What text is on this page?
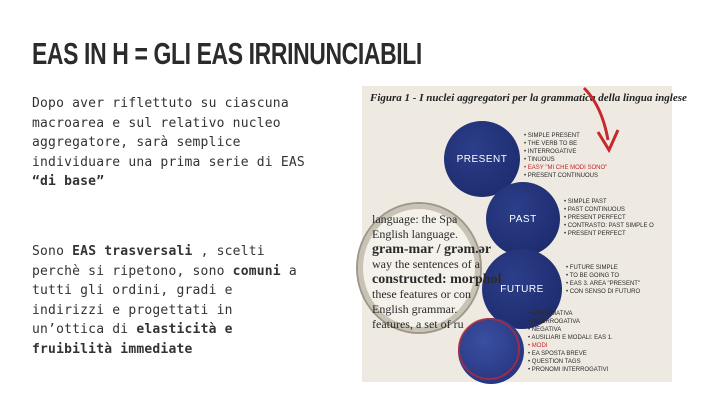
EAS IN H = GLI EAS IRRINUNCIABILI
Dopo aver riflettuto su ciascuna macroarea e sul relativo nucleo aggregatore, sarà semplice individuare una prima serie di EAS “di base”
Sono EAS trasversali , scelti perchè si ripetono, sono comuni a tutti gli ordini, gradi e indirizzi e progettati in un’ottica di elasticità e fruibilità immediate
Figura 1 - I nuclei aggregatori per la grammatica della lingua inglese
PRESENT
PAST
FUTURE
• SIMPLE PRESENT
• THE VERB TO BE
• INTERROGATIVE
• TINUOUS
• EASY "MI CHE MODI SONO"
• PRESENT CONTINUOUS
• SIMPLE PAST
• PAST CONTINUOUS
• PRESENT PERFECT
• CONTRASTO: PAST SIMPLE O
• PRESENT PERFECT
• FUTURE SIMPLE
• TO BE GOING TO
• EAS 3. AREA "PRESENT"
• CON SENSO DI FUTURO
• AFFERMATIVA
• INTERROGATIVA
• NEGATIVA
• AUSILIARI E MODALI: EAS 1.
• MODI
• EA SPOSTA BREVE
• QUESTION TAGS
• PRONOMI INTERROGATIVI
language: the Spa
English language.
gram-mar / grəm.ər
way the sentences of a
constructed: morphol
these features or con
English grammar.
features, a set of ru
